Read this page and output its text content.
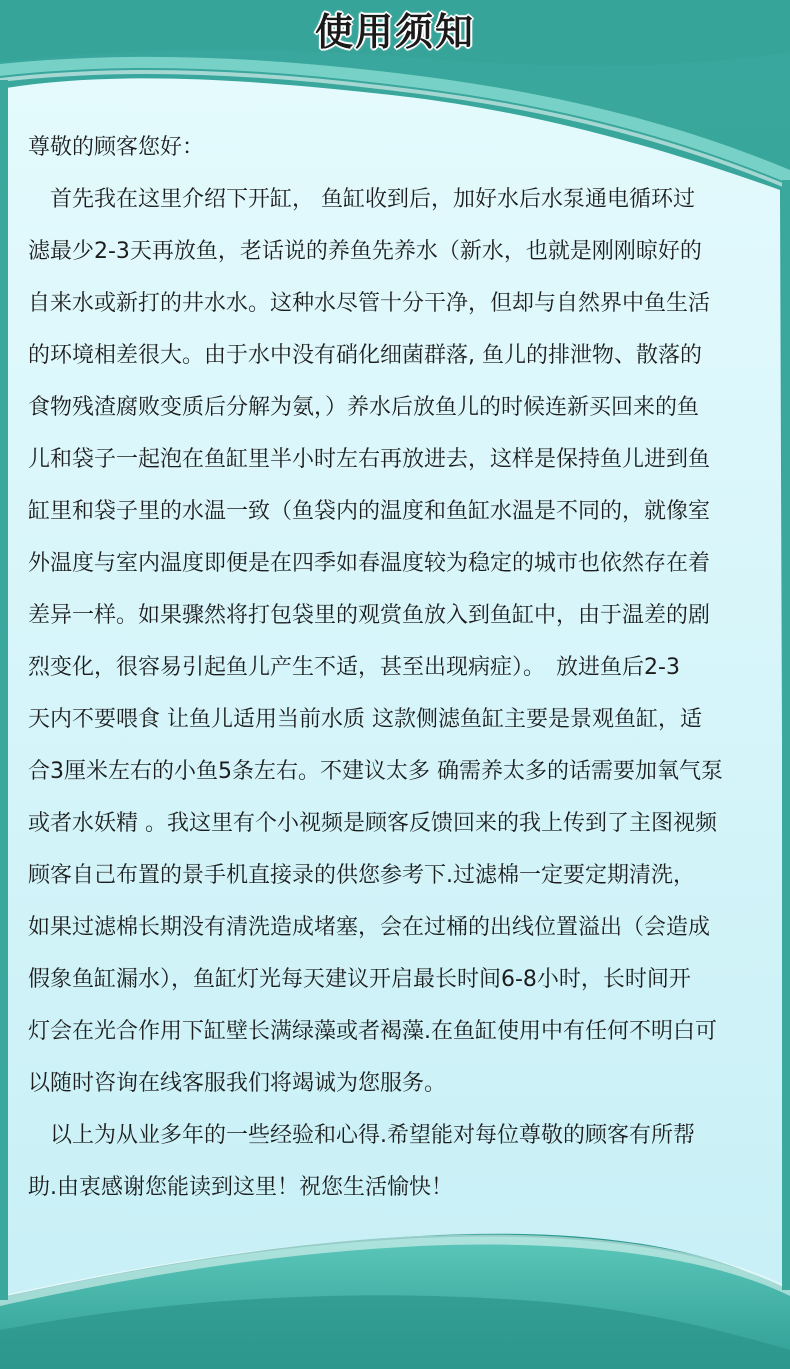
使用须知

尊敬的顾客您好：

　首先我在这里介绍下开缸， 鱼缸收到后，加好水后水泵通电循环过

滤最少2-3天再放鱼，老话说的养鱼先养水（新水，也就是刚刚晾好的

自来水或新打的井水水。这种水尽管十分干净，但却与自然界中鱼生活

的环境相差很大。由于水中没有硝化细菌群落, 鱼儿的排泄物、散落的

食物残渣腐败变质后分解为氨，）养水后放鱼儿的时候连新买回来的鱼

儿和袋子一起泡在鱼缸里半小时左右再放进去，这样是保持鱼儿进到鱼

缸里和袋子里的水温一致（鱼袋内的温度和鱼缸水温是不同的，就像室

外温度与室内温度即便是在四季如春温度较为稳定的城市也依然存在着

差异一样。如果骤然将打包袋里的观赏鱼放入到鱼缸中，由于温差的剧

烈变化，很容易引起鱼儿产生不适，甚至出现病症）。　放进鱼后2-3

天内不要喂食 让鱼儿适用当前水质 这款侧滤鱼缸主要是景观鱼缸，适

合3厘米左右的小鱼5条左右。不建议太多 确需养太多的话需要加氧气泵

或者水妖精 。我这里有个小视频是顾客反馈回来的我上传到了主图视频

顾客自己布置的景手机直接录的供您参考下.过滤棉一定要定期清洗，

如果过滤棉长期没有清洗造成堵塞，会在过桶的出线位置溢出（会造成

假象鱼缸漏水），鱼缸灯光每天建议开启最长时间6-8小时，长时间开

灯会在光合作用下缸壁长满绿藻或者褐藻.在鱼缸使用中有任何不明白可

以随时咨询在线客服我们将竭诚为您服务。

　以上为从业多年的一些经验和心得.希望能对每位尊敬的顾客有所帮

助.由衷感谢您能读到这里！祝您生活愉快！
